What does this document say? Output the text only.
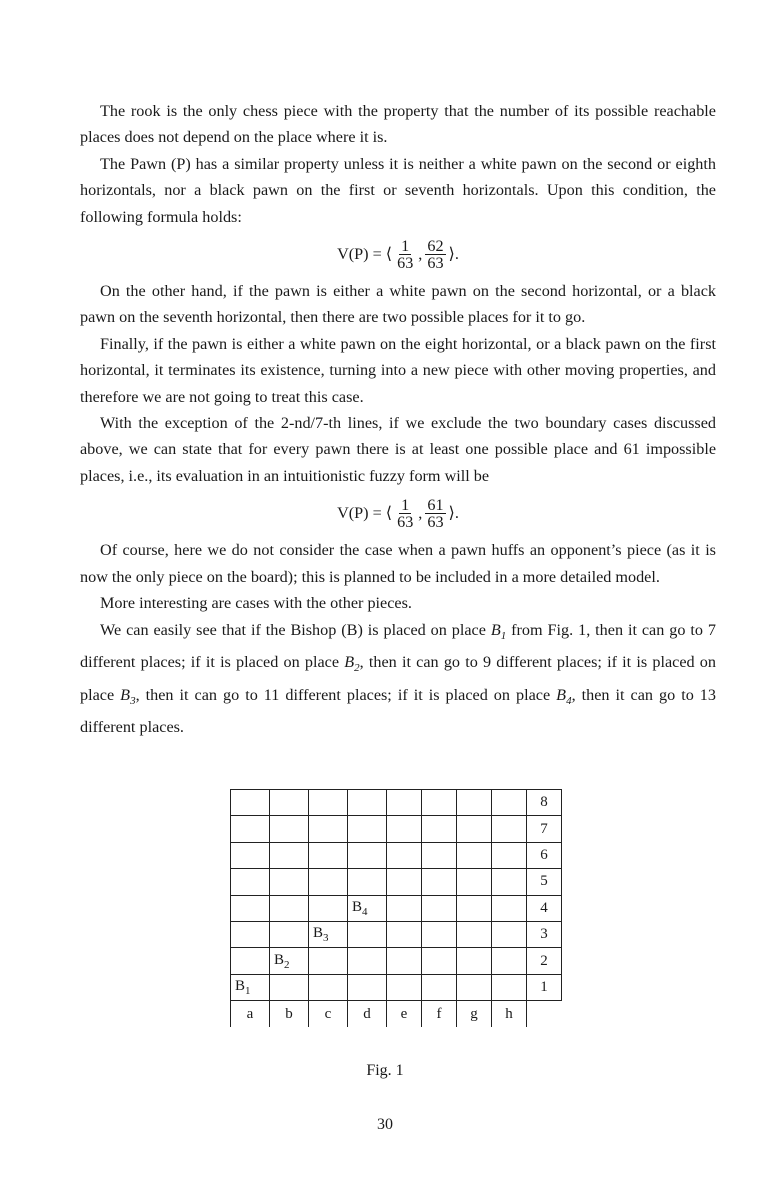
The rook is the only chess piece with the property that the number of its possible reachable places does not depend on the place where it is.

The Pawn (P) has a similar property unless it is neither a white pawn on the second or eighth horizontals, nor a black pawn on the first or seventh horizontals. Upon this condition, the following formula holds:

V(P) = ⟨ $\frac{1}{63}$ , $\frac{62}{63}$ ⟩.

On the other hand, if the pawn is either a white pawn on the second horizontal, or a black pawn on the seventh horizontal, then there are two possible places for it to go.

Finally, if the pawn is either a white pawn on the eight horizontal, or a black pawn on the first horizontal, it terminates its existence, turning into a new piece with other moving properties, and therefore we are not going to treat this case.

With the exception of the 2-nd/7-th lines, if we exclude the two boundary cases discussed above, we can state that for every pawn there is at least one possible place and 61 impossible places, i.e., its evaluation in an intuitionistic fuzzy form will be

V(P) = ⟨ $\frac{1}{63}$ , $\frac{61}{63}$ ⟩.

Of course, here we do not consider the case when a pawn huffs an opponent’s piece (as it is now the only piece on the board); this is planned to be included in a more detailed model.

More interesting are cases with the other pieces.

We can easily see that if the Bishop (B) is placed on place $B_1$ from Fig. 1, then it can go to 7 different places; if it is placed on place $B_2$, then it can go to 9 different places; if it is placed on place $B_3$, then it can go to 11 different places; if it is placed on place $B_4$, then it can go to 13 different places.

								8
								7
								6
								5
			$B_4$					4
		$B_3$						3
	$B_2$							2
$B_1$								1
a	b	c	d	e	f	g	h	
Fig. 1
30
